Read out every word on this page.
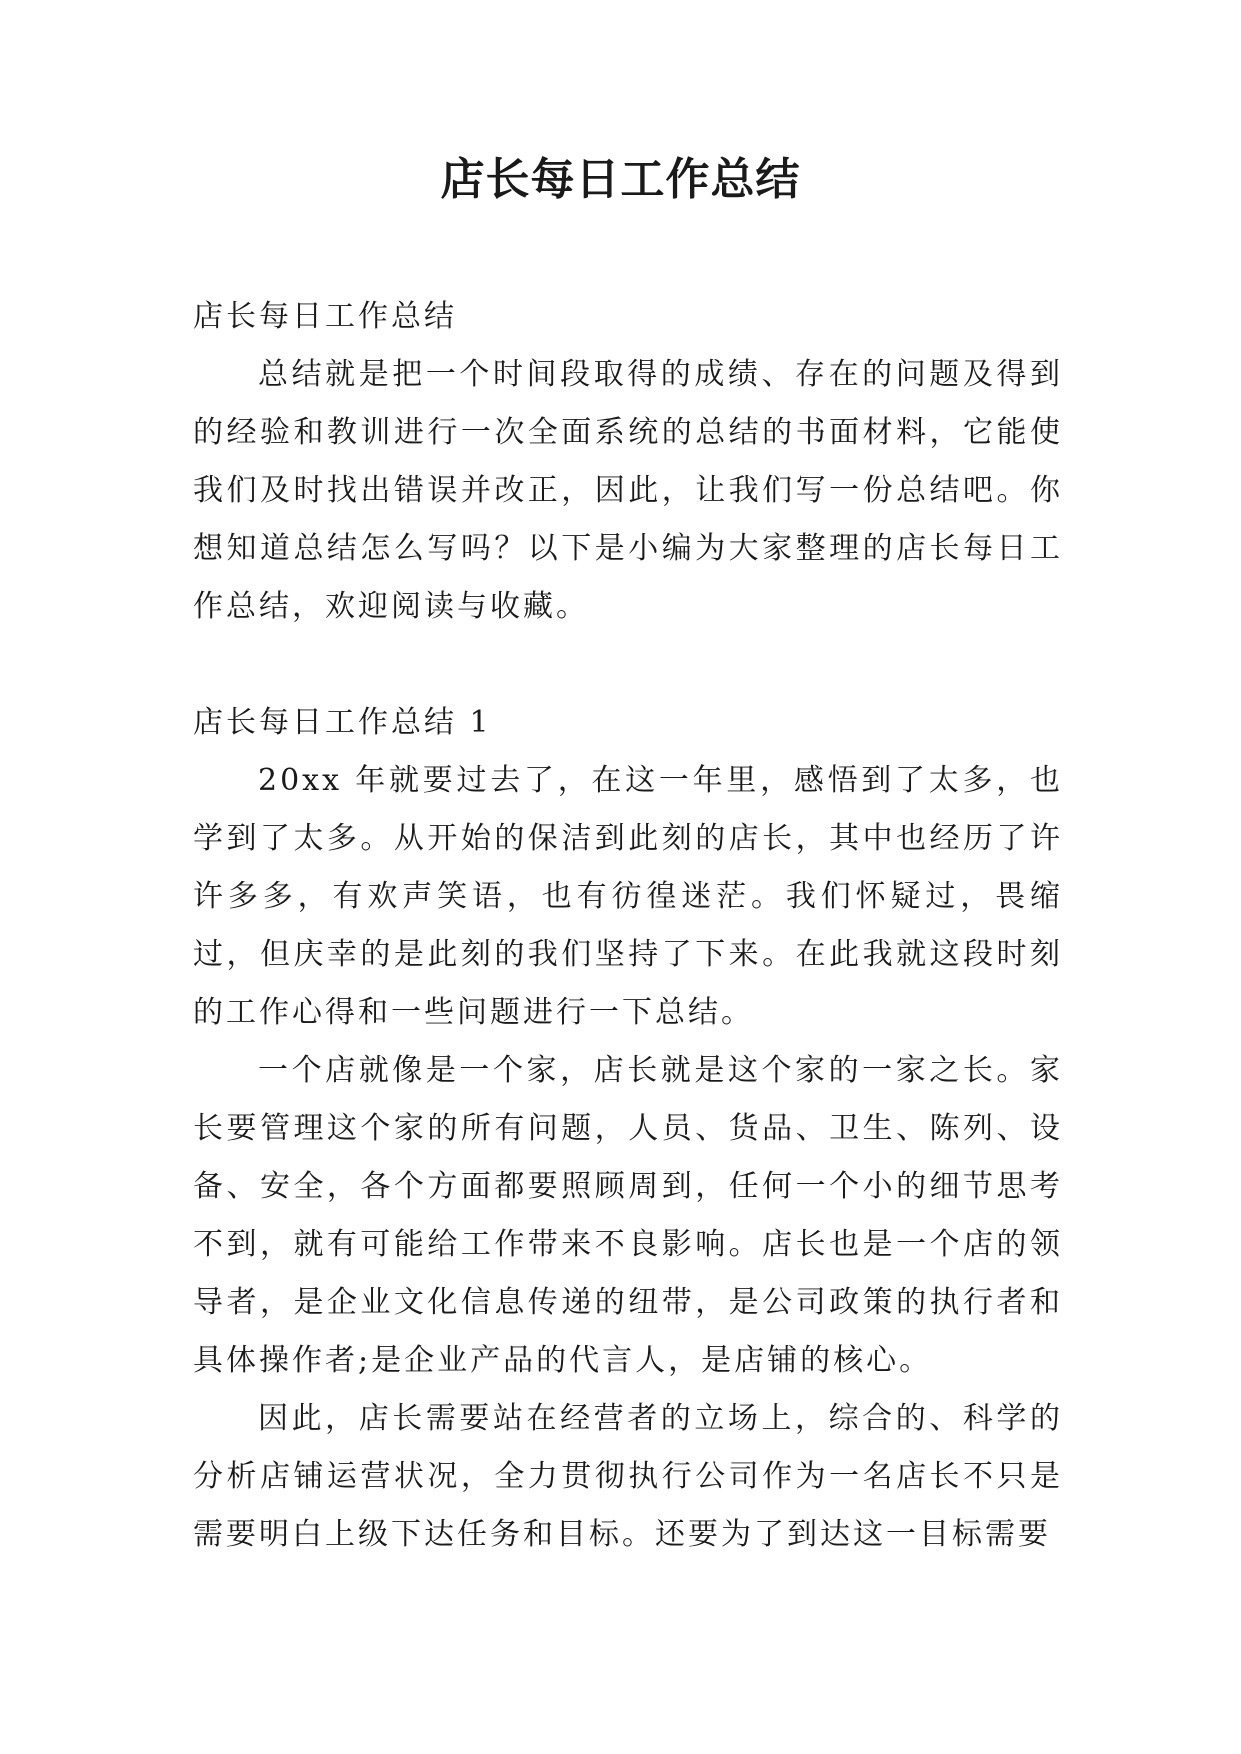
店长每日工作总结

店长每日工作总结

总结就是把一个时间段取得的成绩、存在的问题及得到的经验和教训进行一次全面系统的总结的书面材料，它能使我们及时找出错误并改正，因此，让我们写一份总结吧。你想知道总结怎么写吗？以下是小编为大家整理的店长每日工作总结，欢迎阅读与收藏。

店长每日工作总结 1

20xx 年就要过去了，在这一年里，感悟到了太多，也学到了太多。从开始的保洁到此刻的店长，其中也经历了许许多多，有欢声笑语，也有彷徨迷茫。我们怀疑过，畏缩过，但庆幸的是此刻的我们坚持了下来。在此我就这段时刻的工作心得和一些问题进行一下总结。

一个店就像是一个家，店长就是这个家的一家之长。家长要管理这个家的所有问题，人员、货品、卫生、陈列、设备、安全，各个方面都要照顾周到，任何一个小的细节思考不到，就有可能给工作带来不良影响。店长也是一个店的领导者，是企业文化信息传递的纽带，是公司政策的执行者和具体操作者;是企业产品的代言人，是店铺的核心。

因此，店长需要站在经营者的立场上，综合的、科学的分析店铺运营状况，全力贯彻执行公司作为一名店长不只是需要明白上级下达任务和目标。还要为了到达这一目标需要
